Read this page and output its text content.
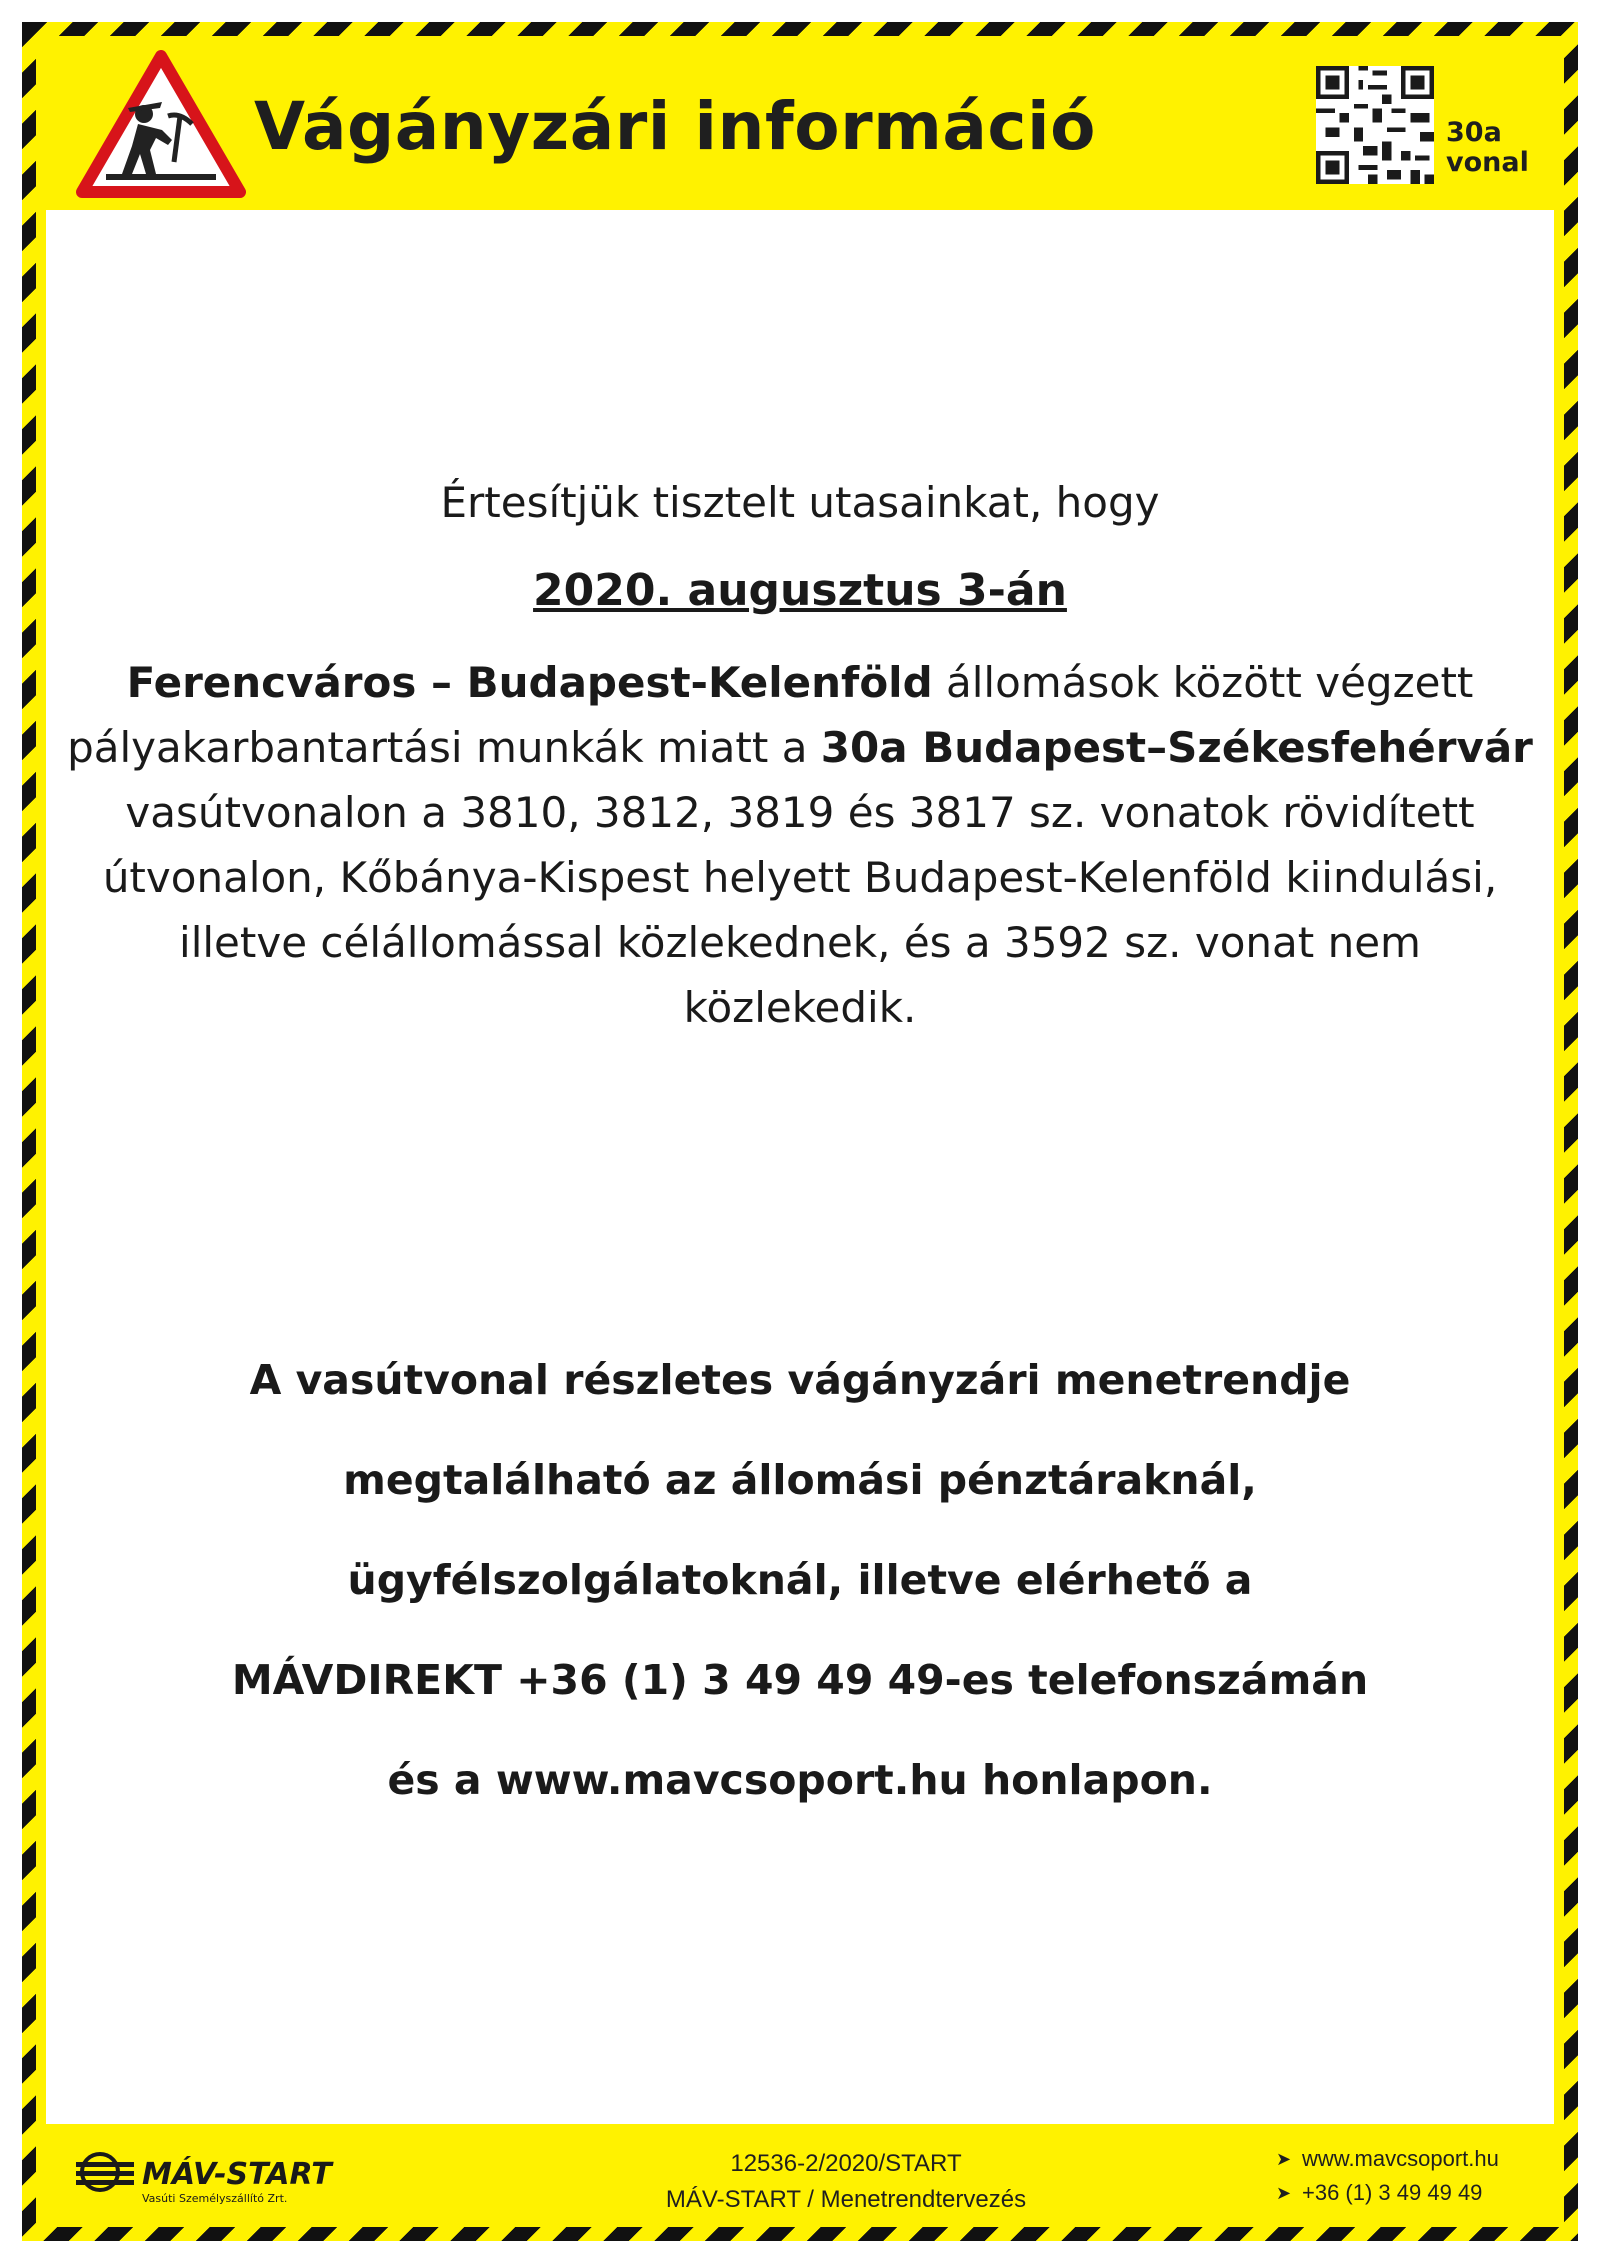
Vágányzári információ	30a
vonal
Értesítjük tisztelt utasainkat, hogy
2020. augusztus 3-án
Ferencváros – Budapest-Kelenföld állomások között végzett pályakarbantartási munkák miatt a 30a Budapest–Székesfehérvár vasútvonalon a 3810, 3812, 3819 és 3817 sz. vonatok rövidített útvonalon, Kőbánya-Kispest helyett Budapest-Kelenföld kiindulási, illetve célállomással közlekednek, és a 3592 sz. vonat nem közlekedik.
A vasútvonal részletes vágányzári menetrendje
megtalálható az állomási pénztáraknál,
ügyfélszolgálatoknál, illetve elérhető a
MÁVDIREKT +36 (1) 3 49 49 49-es telefonszámán
és a www.mavcsoport.hu honlapon.
MÁV-START
Vasúti Személyszállító Zrt.
12536-2/2020/START
MÁV-START / Menetrendtervezés
➤ www.mavcsoport.hu
➤ +36 (1) 3 49 49 49
